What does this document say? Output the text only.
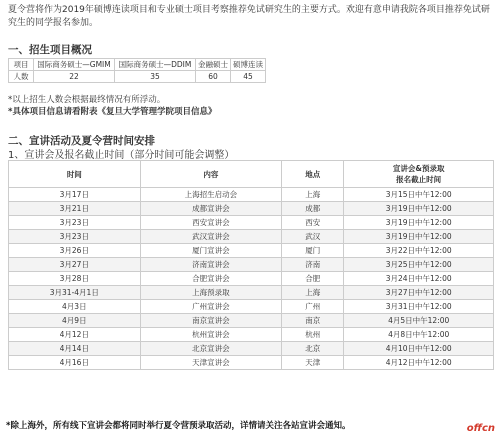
夏令营将作为2019年硕博连读项目和专业硕士项目考察推荐免试研究生的主要方式。欢迎有意申请我院各项目推荐免试研究生的同学报名参加。
一、招生项目概况
项目	国际商务硕士—GMIM	国际商务硕士—DDIM	金融硕士	硕博连读
人数	22	35	60	45
*以上招生人数会根据最终情况有所浮动。
*具体项目信息请看附表《复旦大学管理学院项目信息》
二、宣讲活动及夏令营时间安排
1、宣讲会及报名截止时间（部分时间可能会调整）
时间	内容	地点	宣讲会&预录取
报名截止时间
3月17日	上海招生启动会	上海	3月15日中午12:00
3月21日	成都宣讲会	成都	3月19日中午12:00
3月23日	西安宣讲会	西安	3月19日中午12:00
3月23日	武汉宣讲会	武汉	3月19日中午12:00
3月26日	厦门宣讲会	厦门	3月22日中午12:00
3月27日	济南宣讲会	济南	3月25日中午12:00
3月28日	合肥宣讲会	合肥	3月24日中午12:00
3月31-4月1日	上海预录取	上海	3月27日中午12:00
4月3日	广州宣讲会	广州	3月31日中午12:00
4月9日	南京宣讲会	南京	4月5日中午12:00
4月12日	杭州宣讲会	杭州	4月8日中午12:00
4月14日	北京宣讲会	北京	4月10日中午12:00
4月16日	天津宣讲会	天津	4月12日中午12:00
*除上海外，所有线下宣讲会都将同时举行夏令营预录取活动，详情请关注各站宣讲会通知。	offcn
